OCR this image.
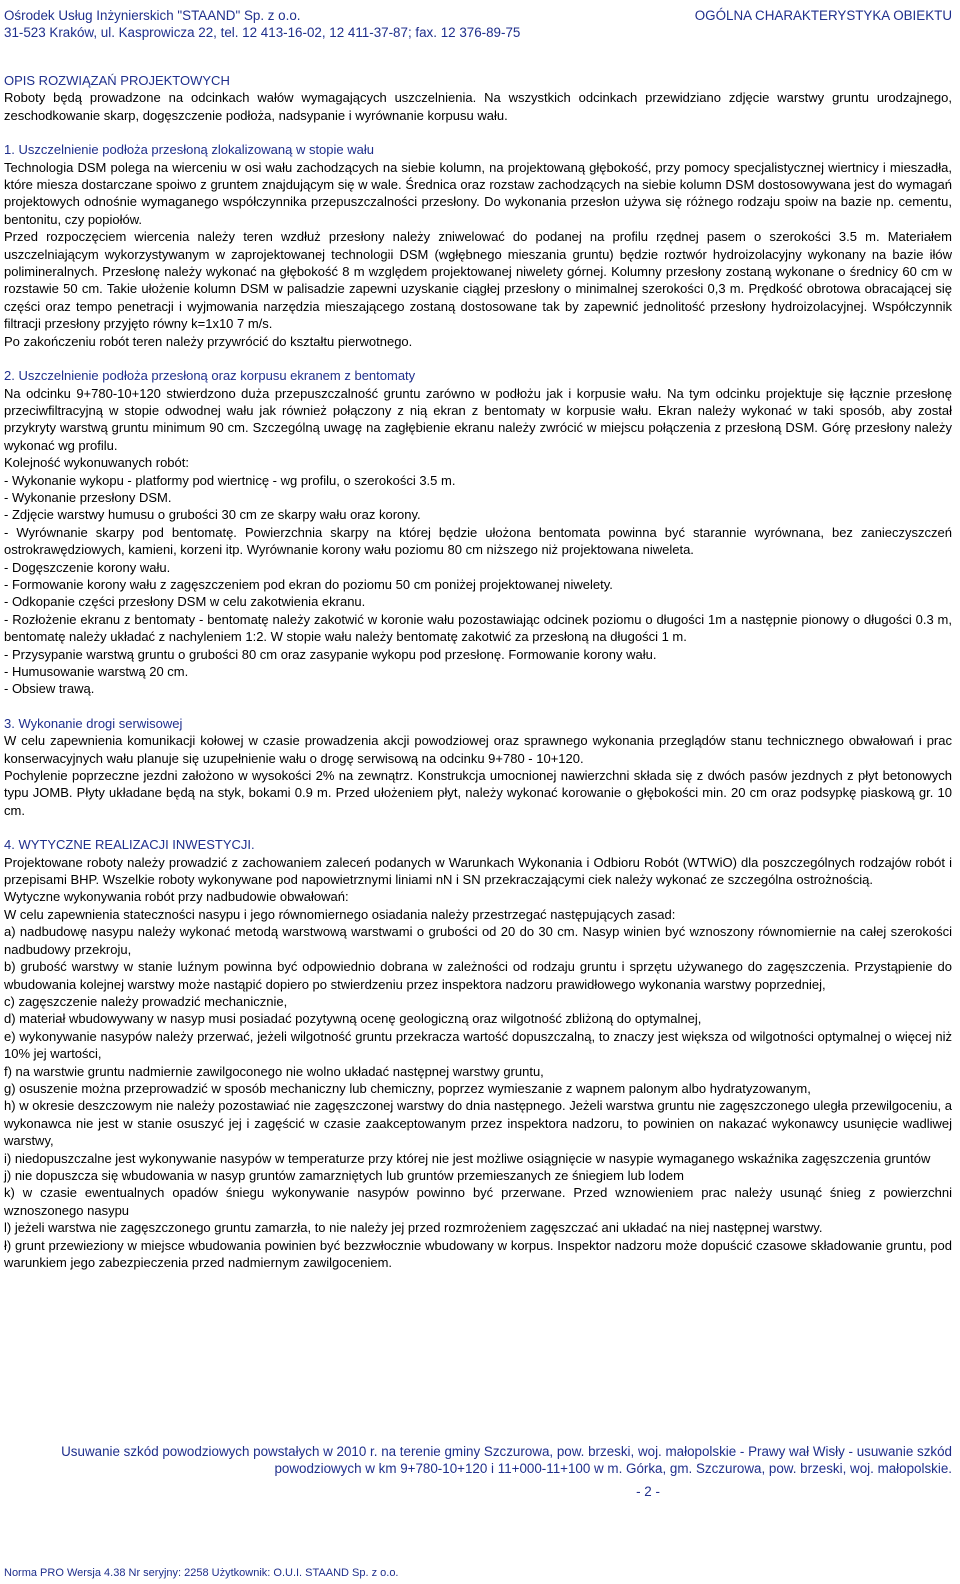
Ośrodek Usług Inżynierskich "STAAND" Sp. z o.o.
31-523 Kraków, ul. Kasprowicza 22, tel. 12 413-16-02, 12 411-37-87; fax. 12 376-89-75
OGÓLNA CHARAKTERYSTYKA OBIEKTU
OPIS ROZWIĄZAŃ PROJEKTOWYCH

Roboty będą prowadzone na odcinkach wałów wymagających uszczelnienia. Na wszystkich odcinkach przewidziano zdjęcie warstwy gruntu urodzajnego, zeschodkowanie skarp, dogęszczenie podłoża, nadsypanie i wyrównanie korpusu wału.

1. Uszczelnienie podłoża przesłoną zlokalizowaną w stopie wału

Technologia DSM polega na wierceniu w osi wału zachodzących na siebie kolumn, na projektowaną głębokość, przy pomocy specjalistycznej wiertnicy i mieszadła, które miesza dostarczane spoiwo z gruntem znajdującym się w wale. Średnica oraz rozstaw zachodzących na siebie kolumn DSM dostosowywana jest do wymagań projektowych odnośnie wymaganego współczynnika przepuszczalności przesłony. Do wykonania przesłon używa się różnego rodzaju spoiw na bazie np. cementu, bentonitu, czy popiołów.

Przed rozpoczęciem wiercenia należy teren wzdłuż przesłony należy zniwelować do podanej na profilu rzędnej pasem o szerokości 3.5 m. Materiałem uszczelniającym wykorzystywanym w zaprojektowanej technologii DSM (wgłębnego mieszania gruntu) będzie roztwór hydroizolacyjny wykonany na bazie iłów polimineralnych. Przesłonę należy wykonać na głębokość 8 m względem projektowanej niwelety górnej. Kolumny przesłony zostaną wykonane o średnicy 60 cm w rozstawie 50 cm. Takie ułożenie kolumn DSM w palisadzie zapewni uzyskanie ciągłej przesłony o minimalnej szerokości 0,3 m. Prędkość obrotowa obracającej się części oraz tempo penetracji i wyjmowania narzędzia mieszającego zostaną dostosowane tak by zapewnić jednolitość przesłony hydroizolacyjnej. Współczynnik filtracji przesłony przyjęto równy k=1x10 7 m/s.

Po zakończeniu robót teren należy przywrócić do kształtu pierwotnego.

2. Uszczelnienie podłoża przesłoną oraz korpusu ekranem z bentomaty

Na odcinku 9+780-10+120 stwierdzono duża przepuszczalność gruntu zarówno w podłożu jak i korpusie wału. Na tym odcinku projektuje się łącznie przesłonę przeciwfiltracyjną w stopie odwodnej wału jak również połączony z nią ekran z bentomaty w korpusie wału. Ekran należy wykonać w taki sposób, aby został przykryty warstwą gruntu minimum 90 cm. Szczególną uwagę na zagłębienie ekranu należy zwrócić w miejscu połączenia z przesłoną DSM. Górę przesłony należy wykonać wg profilu.

Kolejność wykonuwanych robót:

- Wykonanie wykopu - platformy pod wiertnicę - wg profilu, o szerokości 3.5 m.

- Wykonanie przesłony DSM.

- Zdjęcie warstwy humusu o grubości 30 cm ze skarpy wału oraz korony.

- Wyrównanie skarpy pod bentomatę. Powierzchnia skarpy na której będzie ułożona bentomata powinna być starannie wyrównana, bez zanieczyszczeń ostrokrawędziowych, kamieni, korzeni itp. Wyrównanie korony wału poziomu 80 cm niższego niż projektowana niweleta.

- Dogęszczenie korony wału.

- Formowanie korony wału z zagęszczeniem pod ekran do poziomu 50 cm poniżej projektowanej niwelety.

- Odkopanie części przesłony DSM w celu zakotwienia ekranu.

- Rozłożenie ekranu z bentomaty - bentomatę należy zakotwić w koronie wału pozostawiając odcinek poziomu o długości 1m a następnie pionowy o długości 0.3 m, bentomatę należy układać z nachyleniem 1:2. W stopie wału należy bentomatę zakotwić za przesłoną na długości 1 m.

- Przysypanie warstwą gruntu o grubości 80 cm oraz zasypanie wykopu pod przesłonę. Formowanie korony wału.

- Humusowanie warstwą 20 cm.

- Obsiew trawą.

3. Wykonanie drogi serwisowej

W celu zapewnienia komunikacji kołowej w czasie prowadzenia akcji powodziowej oraz sprawnego wykonania przeglądów stanu technicznego obwałowań i prac konserwacyjnych wału planuje się uzupełnienie wału o drogę serwisową na odcinku 9+780 - 10+120.

Pochylenie poprzeczne jezdni założono w wysokości 2% na zewnątrz. Konstrukcja umocnionej nawierzchni składa się z dwóch pasów jezdnych z płyt betonowych typu JOMB. Płyty układane będą na styk, bokami 0.9 m. Przed ułożeniem płyt, należy wykonać korowanie o głębokości min. 20 cm oraz podsypkę piaskową gr. 10 cm.

4. WYTYCZNE REALIZACJI INWESTYCJI.

Projektowane roboty należy prowadzić z zachowaniem zaleceń podanych w Warunkach Wykonania i Odbioru Robót (WTWiO) dla poszczególnych rodzajów robót i przepisami BHP. Wszelkie roboty wykonywane pod napowietrznymi liniami nN i SN przekraczającymi ciek należy wykonać ze szczególna ostrożnością.

Wytyczne wykonywania robót przy nadbudowie obwałowań:

W celu zapewnienia stateczności nasypu i jego równomiernego osiadania należy przestrzegać następujących zasad:

a) nadbudowę nasypu należy wykonać metodą warstwową warstwami o grubości od 20 do 30 cm. Nasyp winien być wznoszony równomiernie na całej szerokości nadbudowy przekroju,

b) grubość warstwy w stanie luźnym powinna być odpowiednio dobrana w zależności od rodzaju gruntu i sprzętu używanego do zagęszczenia. Przystąpienie do wbudowania kolejnej warstwy może nastąpić dopiero po stwierdzeniu przez inspektora nadzoru prawidłowego wykonania warstwy poprzedniej,

c) zagęszczenie należy prowadzić mechanicznie,

d) materiał wbudowywany w nasyp musi posiadać pozytywną ocenę geologiczną oraz wilgotność zbliżoną do optymalnej,

e) wykonywanie nasypów należy przerwać, jeżeli wilgotność gruntu przekracza wartość dopuszczalną, to znaczy jest większa od wilgotności optymalnej o więcej niż 10% jej wartości,

f) na warstwie gruntu nadmiernie zawilgoconego nie wolno układać następnej warstwy gruntu,

g) osuszenie można przeprowadzić w sposób mechaniczny lub chemiczny, poprzez wymieszanie z wapnem palonym albo hydratyzowanym,

h) w okresie deszczowym nie należy pozostawiać nie zagęszczonej warstwy do dnia następnego. Jeżeli warstwa gruntu nie zagęszczonego uległa przewilgoceniu, a wykonawca nie jest w stanie osuszyć jej i zagęścić w czasie zaakceptowanym przez inspektora nadzoru, to powinien on nakazać wykonawcy usunięcie wadliwej warstwy,

i) niedopuszczalne jest wykonywanie nasypów w temperaturze przy której nie jest możliwe osiągnięcie w nasypie wymaganego wskaźnika zagęszczenia gruntów

j) nie dopuszcza się wbudowania w nasyp gruntów zamarzniętych lub gruntów przemieszanych ze śniegiem lub lodem

k) w czasie ewentualnych opadów śniegu wykonywanie nasypów powinno być przerwane. Przed wznowieniem prac należy usunąć śnieg z powierzchni wznoszonego nasypu

l) jeżeli warstwa nie zagęszczonego gruntu zamarzła, to nie należy jej przed rozmrożeniem zagęszczać ani układać na niej następnej warstwy.

ł) grunt przewieziony w miejsce wbudowania powinien być bezzwłocznie wbudowany w korpus. Inspektor nadzoru może dopuścić czasowe składowanie gruntu, pod warunkiem jego zabezpieczenia przed nadmiernym zawilgoceniem.

Usuwanie szkód powodziowych powstałych w 2010 r. na terenie gminy Szczurowa, pow. brzeski, woj. małopolskie - Prawy wał Wisły - usuwanie szkód powodziowych w km 9+780-10+120 i 11+000-11+100 w m. Górka, gm. Szczurowa, pow. brzeski, woj. małopolskie.
- 2 -
Norma PRO Wersja 4.38 Nr seryjny: 2258 Użytkownik: O.U.I. STAAND Sp. z o.o.
